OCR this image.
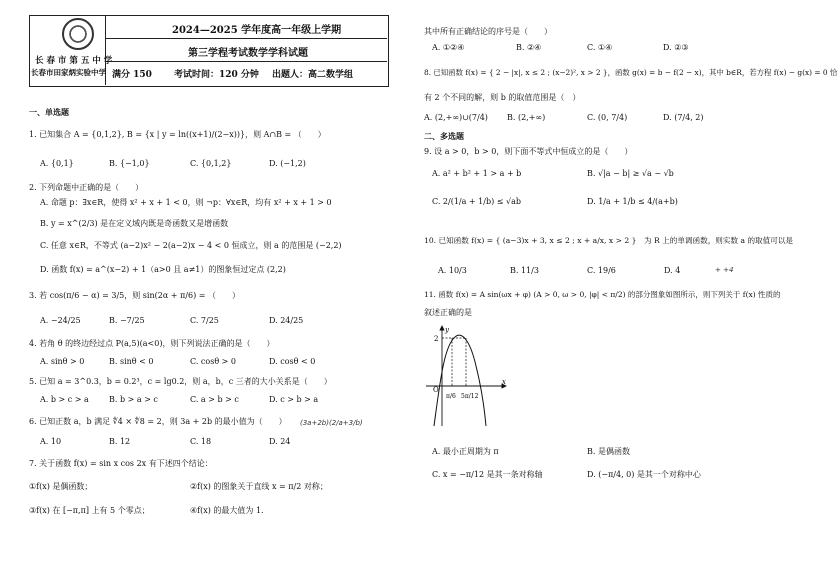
长 春 市 第 五 中 学
长春市田家炳实验中学
2024—2025 学年度高一年级上学期
第三学程考试数学学科试题
满分 150 考试时间：120 分钟 出题人：高二数学组
一、单选题
1. 已知集合 A = {0,1,2}, B = {x | y = ln((x+1)/(2−x))}，则 A∩B = （　　）
A. {0,1}	B. {−1,0}	C. {0,1,2}	D. (−1,2)
2. 下列命题中正确的是（　　）
A. 命题 p：∃x∈R，使得 x² + x + 1 < 0，则 ¬p：∀x∈R，均有 x² + x + 1 > 0
B. y = x^(2/3) 是在定义域内既是奇函数又是增函数
C. 任意 x∈R，不等式 (a−2)x² − 2(a−2)x − 4 < 0 恒成立，则 a 的范围是 (−2,2)
D. 函数 f(x) = a^(x−2) + 1（a>0 且 a≠1）的图象恒过定点 (2,2)
3. 若 cos(π/6 − α) = 3/5，则 sin(2α + π/6) = （　　）
A. −24/25	B. −7/25	C. 7/25	D. 24/25
4. 若角 θ 的终边经过点 P(a,5)(a<0)，则下列说法正确的是（　　）
A. sinθ > 0	B. sinθ < 0	C. cosθ > 0	D. cosθ < 0
5. 已知 a = 3^0.3，b = 0.2³，c = lg0.2，则 a，b，c 三者的大小关系是（　　）
A. b > c > a	B. b > a > c	C. a > b > c	D. c > b > a
6. 已知正数 a，b 满足 ∜4 × ∜8 = 2，则 3a + 2b 的最小值为（　　） (3a+2b)(2/a+3/b)
A. 10	B. 12	C. 18	D. 24
7. 关于函数 f(x) = sin x cos 2x 有下述四个结论：
①f(x) 是偶函数；	②f(x) 的图象关于直线 x = π/2 对称；
③f(x) 在 [−π,π] 上有 5 个零点；	④f(x) 的最大值为 1.
其中所有正确结论的序号是（　　）
A. ①②④	B. ②④	C. ①④	D. ②③
8. 已知函数 f(x) = { 2 − |x|, x ≤ 2 ; (x−2)², x > 2 }，函数 g(x) = b − f(2 − x)，其中 b∈R，若方程 f(x) − g(x) = 0 恰
有 2 个不同的解，则 b 的取值范围是（　）
A. (2,+∞)∪(7/4) B. (2,+∞)	C. (0, 7/4)	D. (7/4, 2)
二、多选题
9. 设 a > 0，b > 0，则下面不等式中恒成立的是（　　）
A. a² + b² + 1 > a + b	B. √|a − b| ≥ √a − √b
C. 2/(1/a + 1/b) ≤ √ab	D. 1/a + 1/b ≤ 4/(a+b)
10. 已知函数 f(x) = { (a−3)x + 3, x ≤ 2 ; x + a/x, x > 2 }　为 R 上的单调函数，则实数 a 的取值可以是
A. 10/3	B. 11/3	C. 19/6	D. 4	+ +4
11. 函数 f(x) = A sin(ωx + φ) (A > 0, ω > 0, |φ| < π/2) 的部分图象如图所示，则下列关于 f(x) 性质的
叙述正确的是
y
x
O
2
π/6 5π/12
A. 最小正周期为 π	B. 是偶函数
C. x = −π/12 是其一条对称轴	D. (−π/4, 0) 是其一个对称中心
